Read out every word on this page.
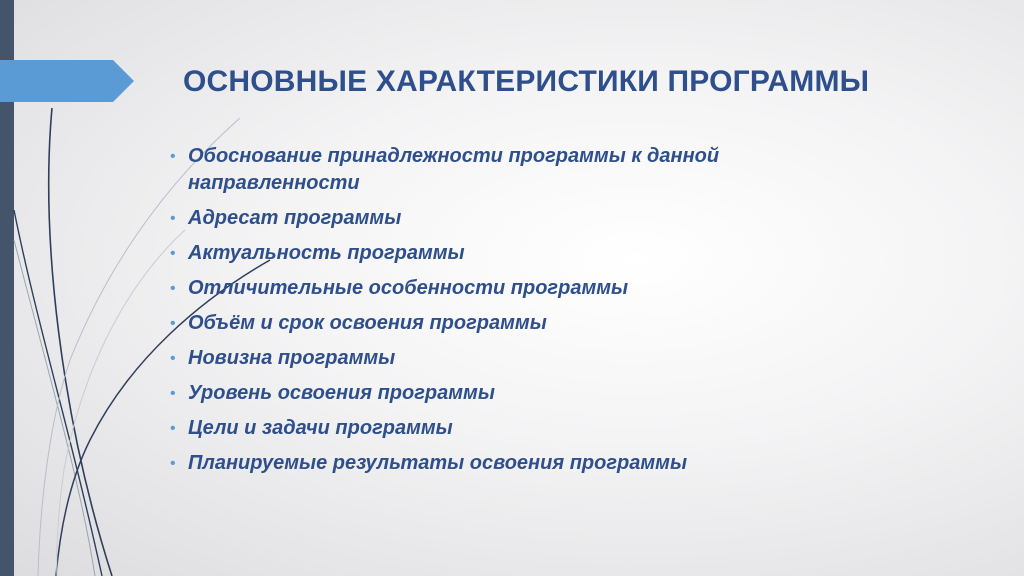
ОСНОВНЫЕ ХАРАКТЕРИСТИКИ ПРОГРАММЫ
• Обоснование принадлежности программы к данной направленности
• Адресат программы
• Актуальность программы
• Отличительные особенности программы
• Объём и срок освоения программы
• Новизна программы
• Уровень освоения программы
• Цели и задачи программы
• Планируемые результаты освоения программы
